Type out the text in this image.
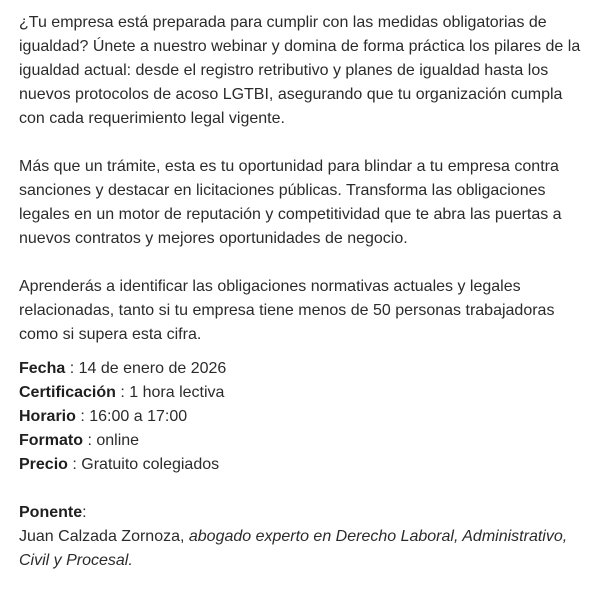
¿Tu empresa está preparada para cumplir con las medidas obligatorias de igualdad? Únete a nuestro webinar y domina de forma práctica los pilares de la igualdad actual: desde el registro retributivo y planes de igualdad hasta los nuevos protocolos de acoso LGTBI, asegurando que tu organización cumpla con cada requerimiento legal vigente.

Más que un trámite, esta es tu oportunidad para blindar a tu empresa contra sanciones y destacar en licitaciones públicas. Transforma las obligaciones legales en un motor de reputación y competitividad que te abra las puertas a nuevos contratos y mejores oportunidades de negocio.

Aprenderás a identificar las obligaciones normativas actuales y legales relacionadas, tanto si tu empresa tiene menos de 50 personas trabajadoras como si supera esta cifra.

Fecha : 14 de enero de 2026

Certificación : 1 hora lectiva

Horario : 16:00 a 17:00

Formato : online

Precio : Gratuito colegiados

Ponente:

Juan Calzada Zornoza, abogado experto en Derecho Laboral, Administrativo, Civil y Procesal.
